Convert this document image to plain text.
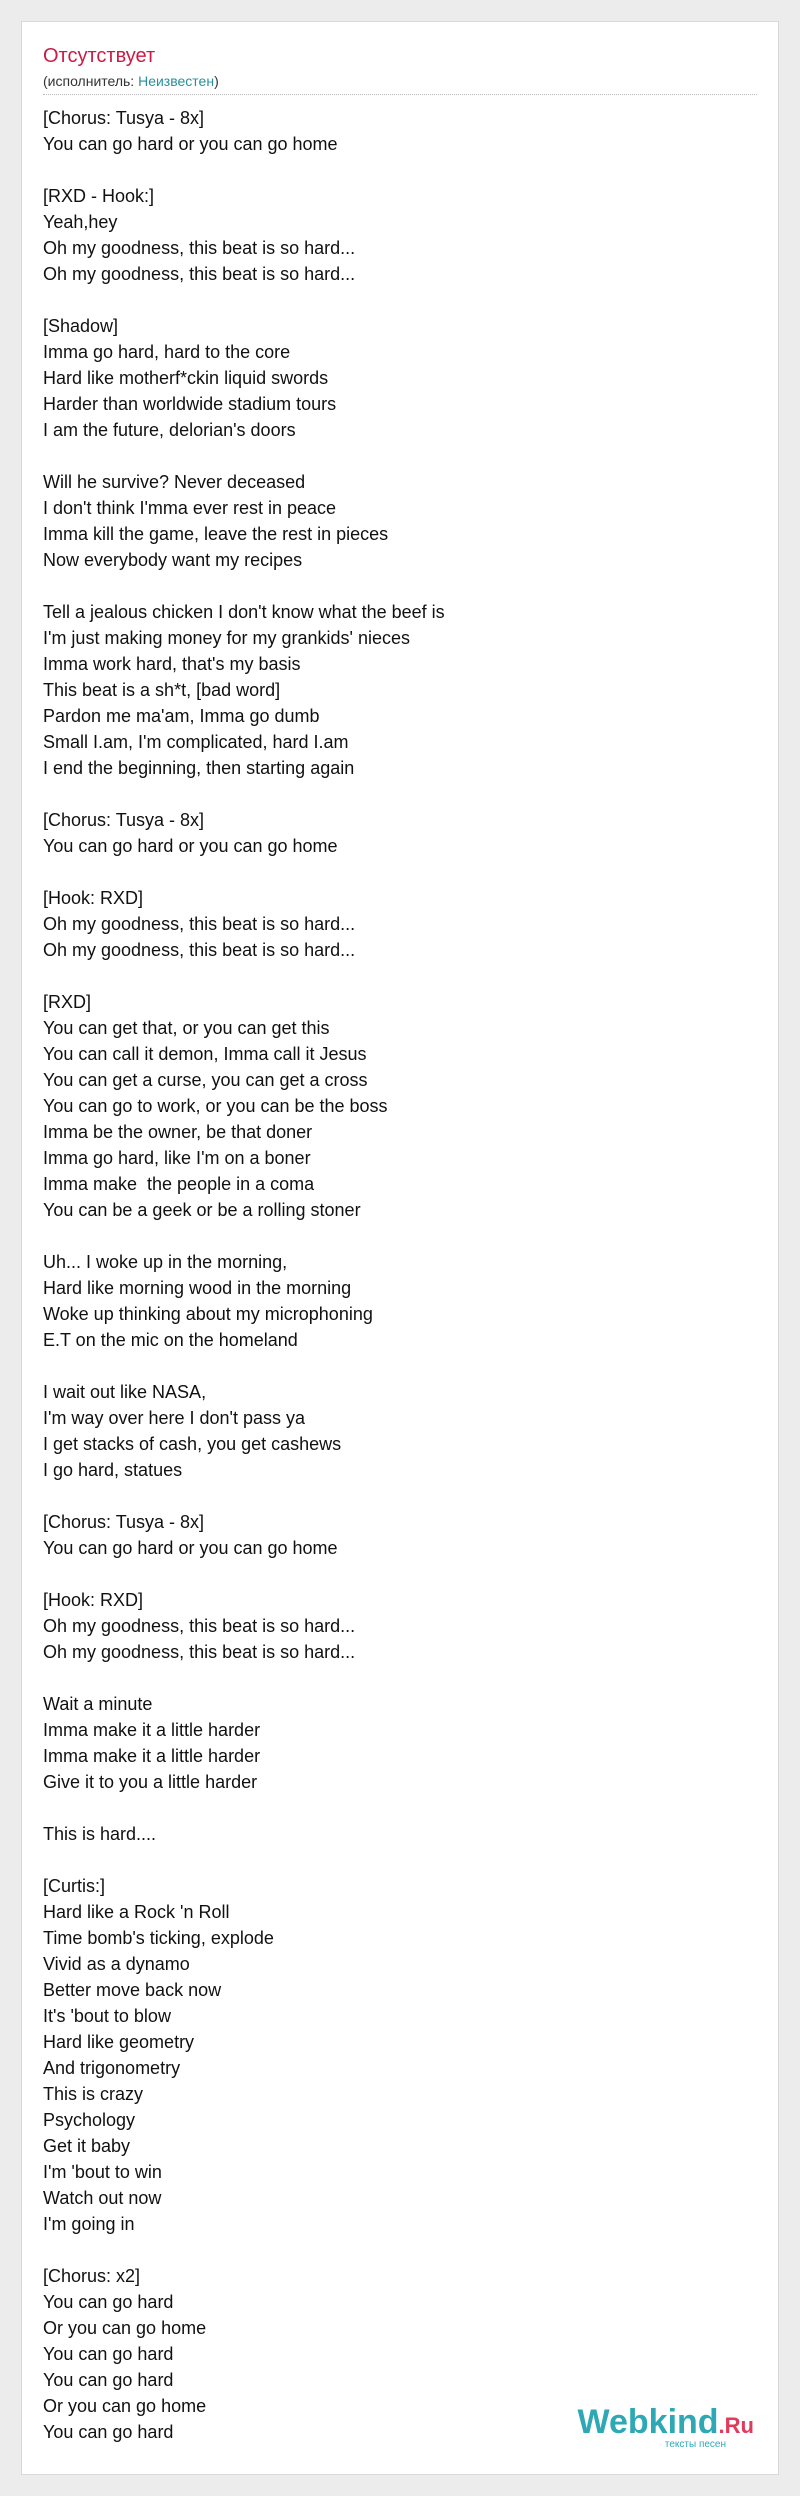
Отсутствует
(исполнитель: Неизвестен)
[Chorus: Tusya - 8x]
You can go hard or you can go home
[RXD - Hook:]
Yeah,hey
Oh my goodness, this beat is so hard...
Oh my goodness, this beat is so hard...
[Shadow]
Imma go hard, hard to the core
Hard like motherf*ckin liquid swords
Harder than worldwide stadium tours
I am the future, delorian's doors
Will he survive? Never deceased
I don't think I'mma ever rest in peace
Imma kill the game, leave the rest in pieces
Now everybody want my recipes
Tell a jealous chicken I don't know what the beef is
I'm just making money for my grankids' nieces
Imma work hard, that's my basis
This beat is a sh*t, [bad word]
Pardon me ma'am, Imma go dumb
Small I.am, I'm complicated, hard I.am
I end the beginning, then starting again
[Chorus: Tusya - 8x]
You can go hard or you can go home
[Hook: RXD]
Oh my goodness, this beat is so hard...
Oh my goodness, this beat is so hard...
[RXD]
You can get that, or you can get this
You can call it demon, Imma call it Jesus
You can get a curse, you can get a cross
You can go to work, or you can be the boss
Imma be the owner, be that doner
Imma go hard, like I'm on a boner
Imma make  the people in a coma
You can be a geek or be a rolling stoner
Uh... I woke up in the morning,
Hard like morning wood in the morning
Woke up thinking about my microphoning
E.T on the mic on the homeland
I wait out like NASA,
I'm way over here I don't pass ya
I get stacks of cash, you get cashews
I go hard, statues
[Chorus: Tusya - 8x]
You can go hard or you can go home
[Hook: RXD]
Oh my goodness, this beat is so hard...
Oh my goodness, this beat is so hard...
Wait a minute
Imma make it a little harder
Imma make it a little harder
Give it to you a little harder
This is hard....
[Curtis:]
Hard like a Rock 'n Roll
Time bomb's ticking, explode
Vivid as a dynamo
Better move back now
It's 'bout to blow
Hard like geometry
And trigonometry
This is crazy
Psychology
Get it baby
I'm 'bout to win
Watch out now
I'm going in
[Chorus: x2]
You can go hard
Or you can go home
You can go hard
You can go hard
Or you can go home
You can go hard	Webkind.Ru
тексты песен
